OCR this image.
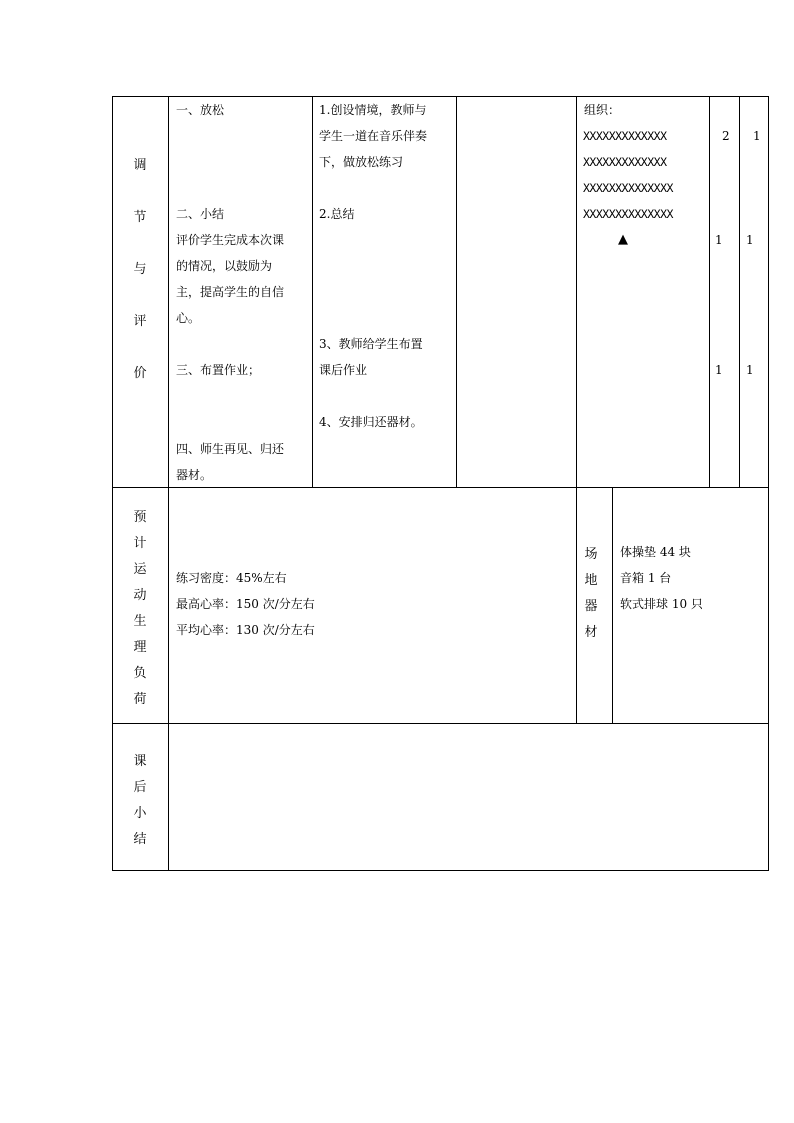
调
节
与
评
价
一、放松
二、小结
评价学生完成本次课
的情况，以鼓励为
主，提高学生的自信
心。
三、布置作业；
四、师生再见、归还
器材。
1.创设情境，教师与
学生一道在音乐伴奏
下，做放松练习
2.总结
3、教师给学生布置
课后作业
4、安排归还器材。
组织：
XXXXXXXXXXXXX
XXXXXXXXXXXXX
XXXXXXXXXXXXXX
XXXXXXXXXXXXXX
▲
2
1
1
1
1
1
预
计
运
动
生
理
负
荷
练习密度：45%左右
最高心率：150 次/分左右
平均心率：130 次/分左右
场
地
器
材
体操垫 44 块
音箱 1 台
软式排球 10 只
课
后
小
结
